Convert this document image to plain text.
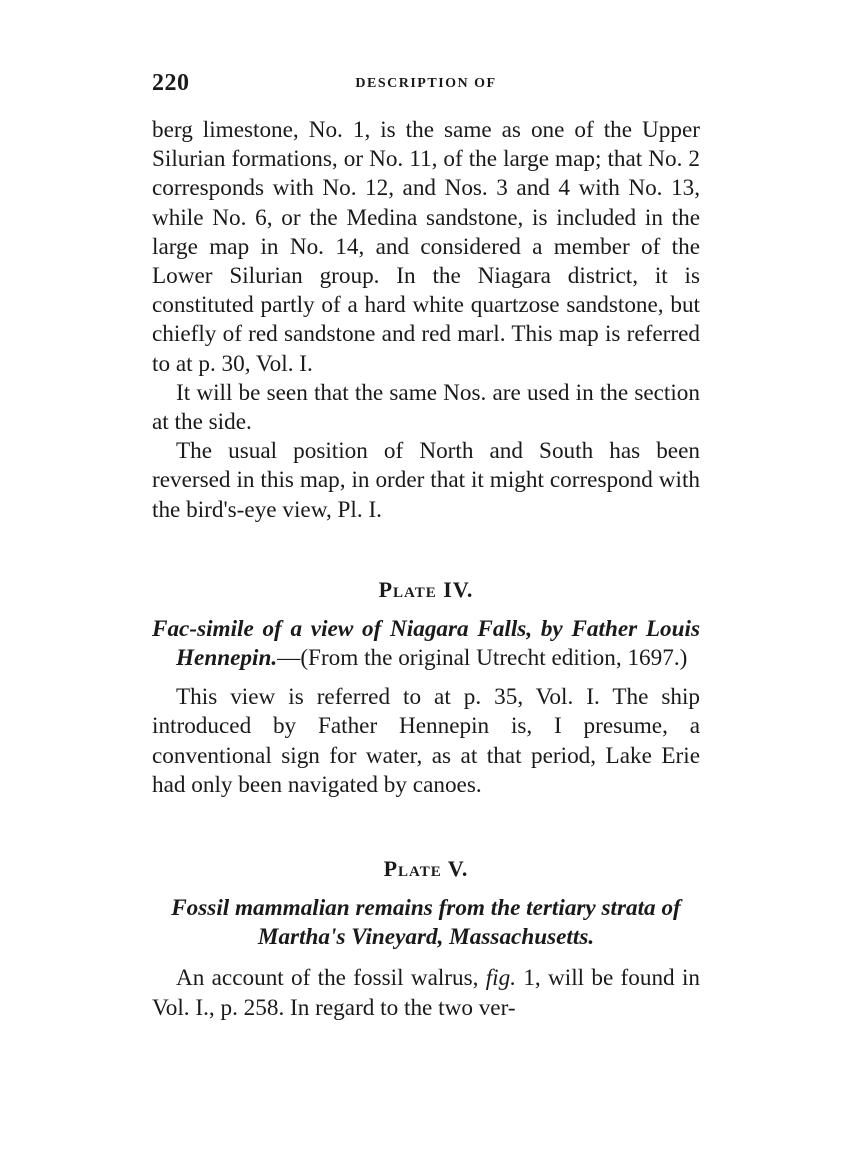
220	DESCRIPTION OF

berg limestone, No. 1, is the same as one of the Upper Silurian formations, or No. 11, of the large map; that No. 2 corresponds with No. 12, and Nos. 3 and 4 with No. 13, while No. 6, or the Medina sandstone, is included in the large map in No. 14, and considered a member of the Lower Silurian group. In the Niagara district, it is constituted partly of a hard white quartzose sandstone, but chiefly of red sandstone and red marl. This map is referred to at p. 30, Vol. I.

It will be seen that the same Nos. are used in the section at the side.

The usual position of North and South has been reversed in this map, in order that it might correspond with the bird's-eye view, Pl. I.

Plate IV.

Fac-simile of a view of Niagara Falls, by Father Louis Hennepin.—(From the original Utrecht edition, 1697.)

This view is referred to at p. 35, Vol. I. The ship introduced by Father Hennepin is, I presume, a conventional sign for water, as at that period, Lake Erie had only been navigated by canoes.

Plate V.

Fossil mammalian remains from the tertiary strata of Martha's Vineyard, Massachusetts.

An account of the fossil walrus, fig. 1, will be found in Vol. I., p. 258. In regard to the two ver-
